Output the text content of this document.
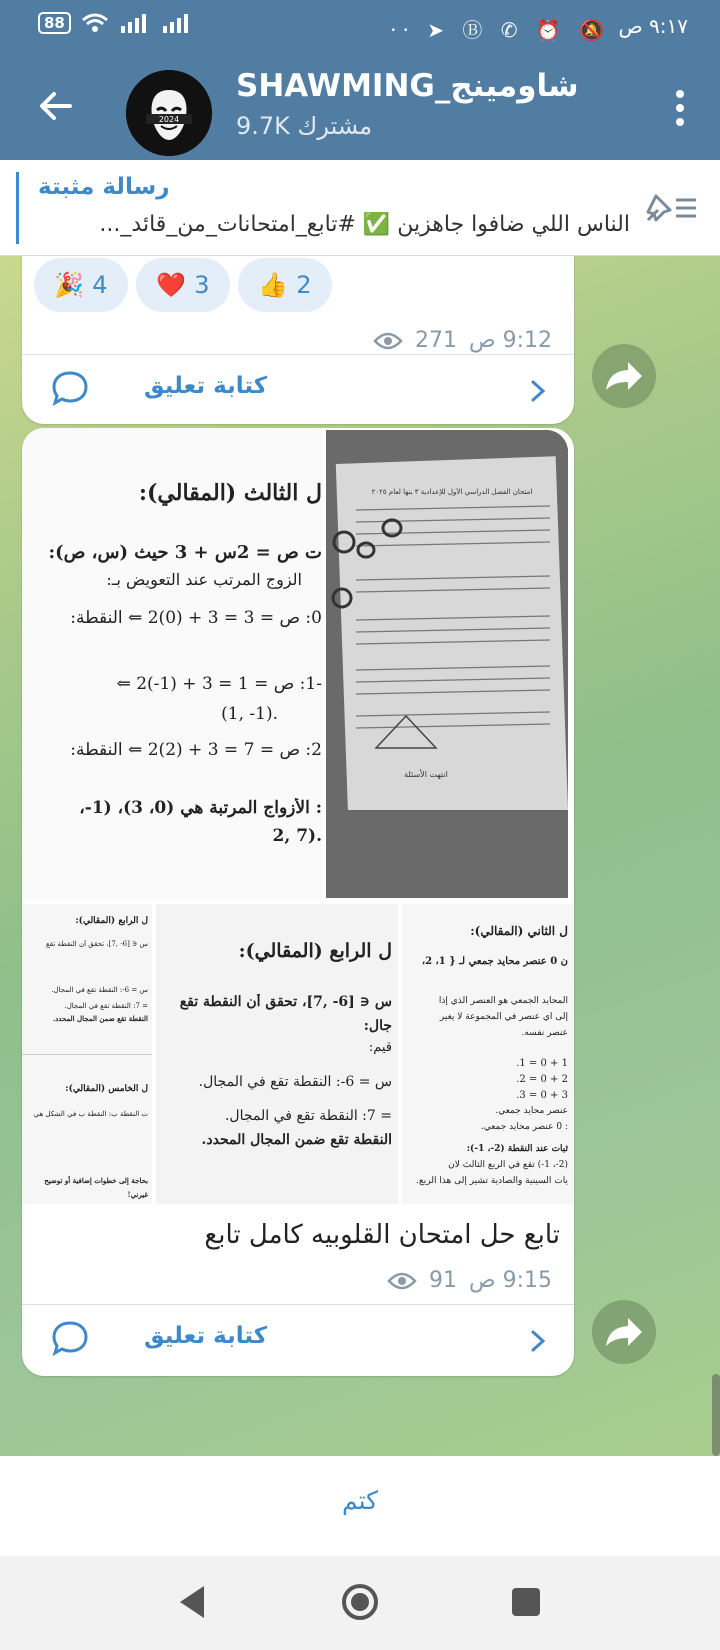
88	·· ➤ Ⓑ ✆ ⏰ 🔕 ٩:١٧ ص
2024
SHAWMING_شاومينج
9.7K مشترك
رسالة مثبتة
الناس اللي ضافوا جاهزين ✅ #تابع_امتحانات_من_قائد_...
🎉 4 ❤️ 3 👍 2
9:12 ص
271
كتابة تعليق
ل الثالث (المقالي):
ت ص = 2س + 3 حيث (س، ص):
الزوج المرتب عند التعويض بـ:
0: ص = 3 = 3 + (0)2 ⇐ النقطة:
-1: ص = 1 = 3 + (1-)2 ⇐
.(1- ,1)
2: ص = 7 = 3 + (2)2 ⇐ النقطة:
: الأزواج المرتبة هي (0، 3)، (1-،
.(7 ,2
امتحان الفصل الدراسي الأول للإعدادية ٣ بنها لعام ٢٠٢٥
انتهت الأسئلة
ل الرابع (المقالي):
س ∈ [6- ,7]، تحقق أن النقطة تقع
س = 6-: النقطة تقع في المجال.
= 7: النقطة تقع في المجال.
النقطة تقع ضمن المجال المحدد.
ل الخامس (المقالي):
ت النقطة ب: النقطة ب في الشكل هي
بحاجة إلى خطوات إضافية أو توضيح
غيرني!
ل الرابع (المقالي):
س ∈ [6- ,7]، تحقق أن النقطة تقع
جال:
قيم:
س = 6-: النقطة تقع في المجال.
= 7: النقطة تقع في المجال.
النقطة تقع ضمن المجال المحدد.
ل الثاني (المقالي):
ن 0 عنصر محايد جمعي لـ { 1، 2،
المحايد الجمعي هو العنصر الذي إذا
إلى أي عنصر في المجموعة لا يغير
عنصر نفسه.
1 + 0 = 1.
2 + 0 = 2.
3 + 0 = 3.
عنصر محايد جمعي.
: 0 عنصر محايد جمعي.
ثبات عند النقطة (2-، 1-):
(2-، 1-) تقع في الربع الثالث لأن
يات السينية والصادية تشير إلى هذا الربع.
تابع حل امتحان القلوبيه كامل تابع
9:15 ص
91
كتابة تعليق
كتم
